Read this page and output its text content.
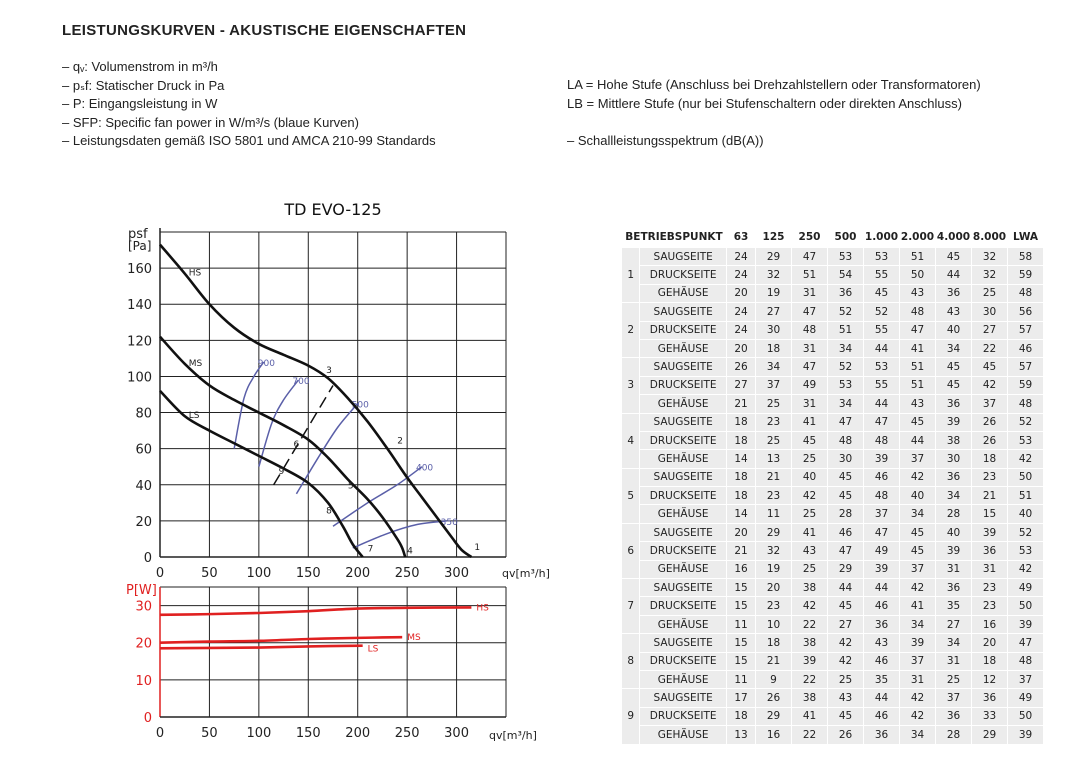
LEISTUNGSKURVEN - AKUSTISCHE EIGENSCHAFTEN
– qᵥ: Volumenstrom in m³/h
– pₛf: Statischer Druck in Pa
– P: Eingangsleistung in W
– SFP: Specific fan power in W/m³/s (blaue Kurven)
– Leistungsdaten gemäß ISO 5801 und AMCA 210-99 Standards
LA = Hohe Stufe (Anschluss bei Drehzahlstellern oder Transformatoren)
LB = Mittlere Stufe (nur bei Stufenschaltern oder direkten Anschluss)

– Schallleistungsspektrum (dB(A))
TD EVO-125
0
20
40
60
80
100
120
140
160
0	50 100 150 200 250 300
psf
[Pa]
qv[m³/h]
900
700
500
400
350
HS
MS
LS
1
2
3
4
5
6
7
8
9
0
10
20
30
0	50 100 150 200 250 300
P[W]
qv[m³/h]
HS
MS
LS
BETRIEBSPUNKT		63	125	250	500	1.000	2.000	4.000	8.000	LWA
1	SAUGSEITE	24	29	47	53	53	51	45	32	58
	DRUCKSEITE	24	32	51	54	55	50	44	32	59
	GEHÄUSE	20	19	31	36	45	43	36	25	48
2	SAUGSEITE	24	27	47	52	52	48	43	30	56
	DRUCKSEITE	24	30	48	51	55	47	40	27	57
	GEHÄUSE	20	18	31	34	44	41	34	22	46
3	SAUGSEITE	26	34	47	52	53	51	45	45	57
	DRUCKSEITE	27	37	49	53	55	51	45	42	59
	GEHÄUSE	21	25	31	34	44	43	36	37	48
4	SAUGSEITE	18	23	41	47	47	45	39	26	52
	DRUCKSEITE	18	25	45	48	48	44	38	26	53
	GEHÄUSE	14	13	25	30	39	37	30	18	42
5	SAUGSEITE	18	21	40	45	46	42	36	23	50
	DRUCKSEITE	18	23	42	45	48	40	34	21	51
	GEHÄUSE	14	11	25	28	37	34	28	15	40
6	SAUGSEITE	20	29	41	46	47	45	40	39	52
	DRUCKSEITE	21	32	43	47	49	45	39	36	53
	GEHÄUSE	16	19	25	29	39	37	31	31	42
7	SAUGSEITE	15	20	38	44	44	42	36	23	49
	DRUCKSEITE	15	23	42	45	46	41	35	23	50
	GEHÄUSE	11	10	22	27	36	34	27	16	39
8	SAUGSEITE	15	18	38	42	43	39	34	20	47
	DRUCKSEITE	15	21	39	42	46	37	31	18	48
	GEHÄUSE	11	9	22	25	35	31	25	12	37
9	SAUGSEITE	17	26	38	43	44	42	37	36	49
	DRUCKSEITE	18	29	41	45	46	42	36	33	50
	GEHÄUSE	13	16	22	26	36	34	28	29	39
